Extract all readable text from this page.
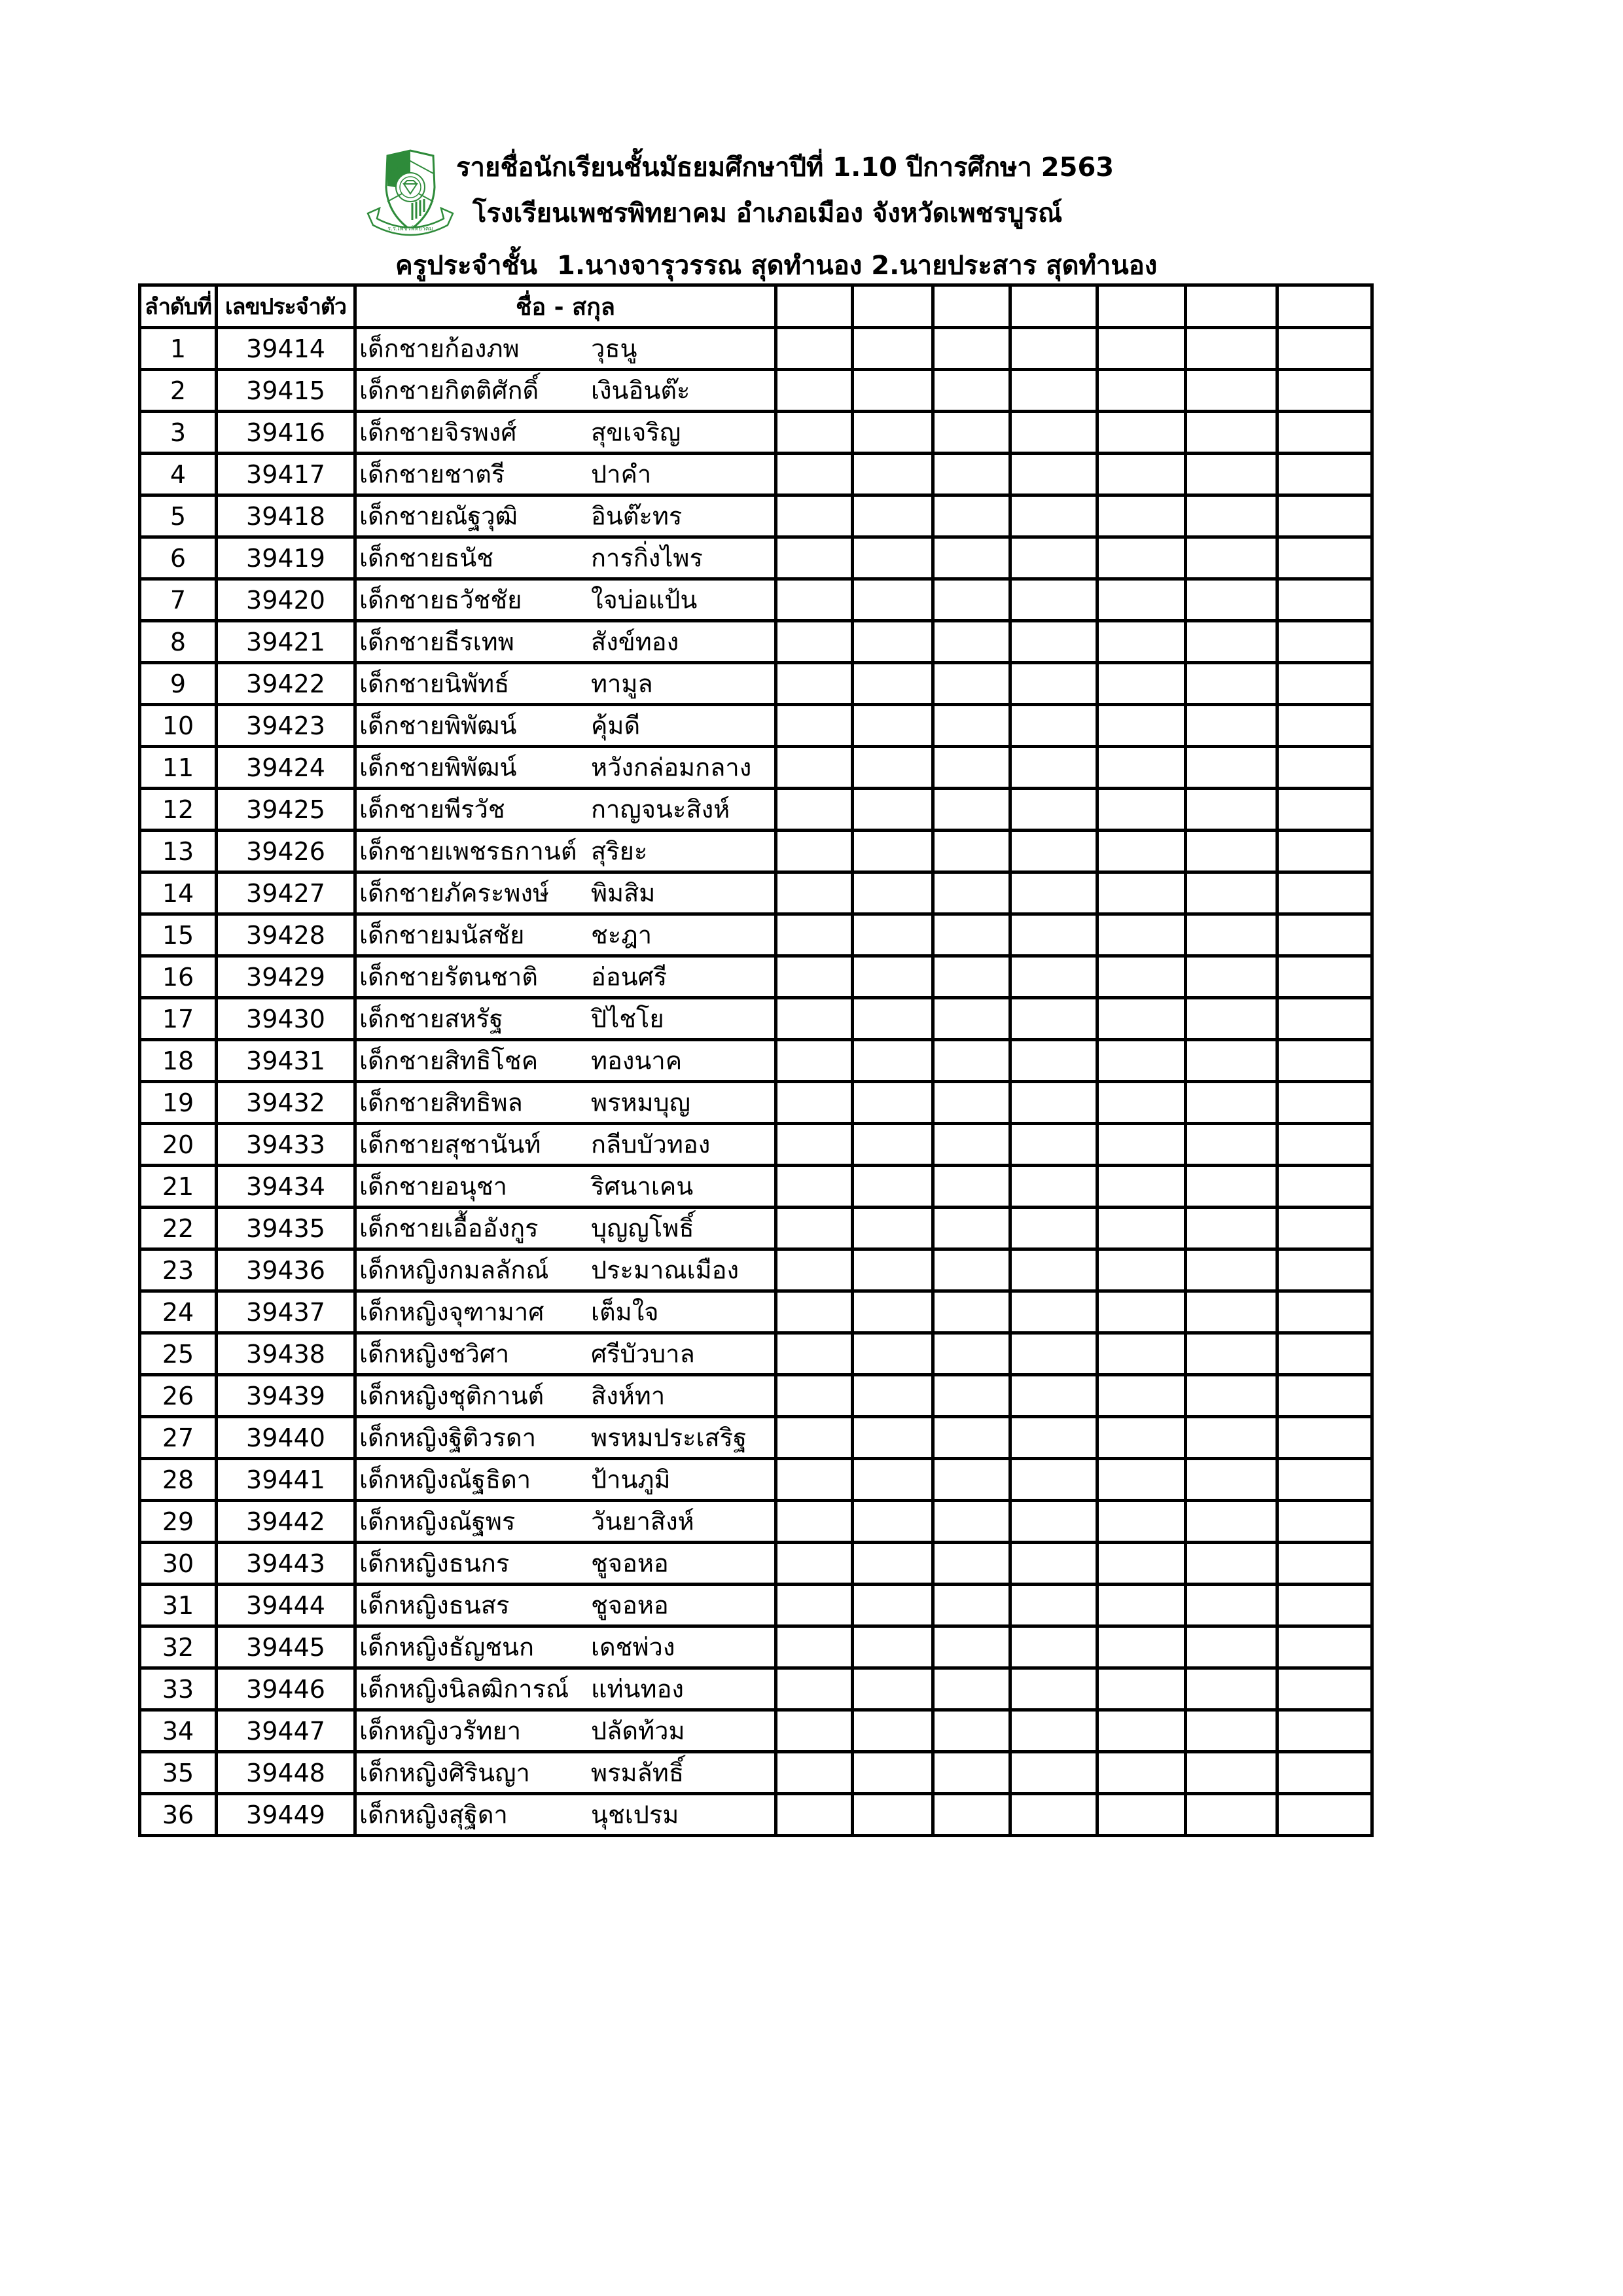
ร.ร.เพชรพิทยาคม
รายชื่อนักเรียนชั้นมัธยมศึกษาปีที่ 1.10 ปีการศึกษา 2563
โรงเรียนเพชรพิทยาคม อำเภอเมือง จังหวัดเพชรบูรณ์
ครูประจำชั้น 1.นางจารุวรรณ สุดทำนอง 2.นายประสาร สุดทำนอง
ลำดับที่	เลขประจำตัว	ชื่อ - สกุล							
1	39414	เด็กชายก้องภพ วุธนู							

2	39415	เด็กชายกิตติศักดิ์ เงินอินต๊ะ							

3	39416	เด็กชายจิรพงศ์ สุขเจริญ							

4	39417	เด็กชายชาตรี ปาคำ							

5	39418	เด็กชายณัฐวุฒิ อินต๊ะทร							

6	39419	เด็กชายธนัช การกิ่งไพร							

7	39420	เด็กชายธวัชชัย ใจบ่อแป้น							

8	39421	เด็กชายธีรเทพ สังข์ทอง							

9	39422	เด็กชายนิพัทธ์ ทามูล							

10	39423	เด็กชายพิพัฒน์ คุ้มดี							

11	39424	เด็กชายพิพัฒน์ หวังกล่อมกลาง							

12	39425	เด็กชายพีรวัช กาญจนะสิงห์							

13	39426	เด็กชายเพชรธกานต์ สุริยะ							

14	39427	เด็กชายภัคระพงษ์ พิมสิม							

15	39428	เด็กชายมนัสชัย ชะฎา							

16	39429	เด็กชายรัตนชาติ อ่อนศรี							

17	39430	เด็กชายสหรัฐ ปิไชโย							

18	39431	เด็กชายสิทธิโชค ทองนาค							

19	39432	เด็กชายสิทธิพล พรหมบุญ							

20	39433	เด็กชายสุชานันท์ กลีบบัวทอง							

21	39434	เด็กชายอนุชา ริศนาเคน							

22	39435	เด็กชายเอื้ออังกูร บุญญโพธิ์							

23	39436	เด็กหญิงกมลลักณ์ ประมาณเมือง							

24	39437	เด็กหญิงจุฑามาศ เต็มใจ							

25	39438	เด็กหญิงชวิศา ศรีบัวบาล							

26	39439	เด็กหญิงชุติกานต์ สิงห์ทา							

27	39440	เด็กหญิงฐิติวรดา พรหมประเสริฐ							

28	39441	เด็กหญิงณัฐธิดา ป้านภูมิ							

29	39442	เด็กหญิงณัฐพร วันยาสิงห์							

30	39443	เด็กหญิงธนกร ชูจอหอ							

31	39444	เด็กหญิงธนสร ชูจอหอ							

32	39445	เด็กหญิงธัญชนก เดชพ่วง							

33	39446	เด็กหญิงนิลฒิการณ์ แท่นทอง							

34	39447	เด็กหญิงวรัทยา ปลัดท้วม							

35	39448	เด็กหญิงศิรินญา พรมลัทธิ์							

36	39449	เด็กหญิงสุฐิดา นุชเปรม							
